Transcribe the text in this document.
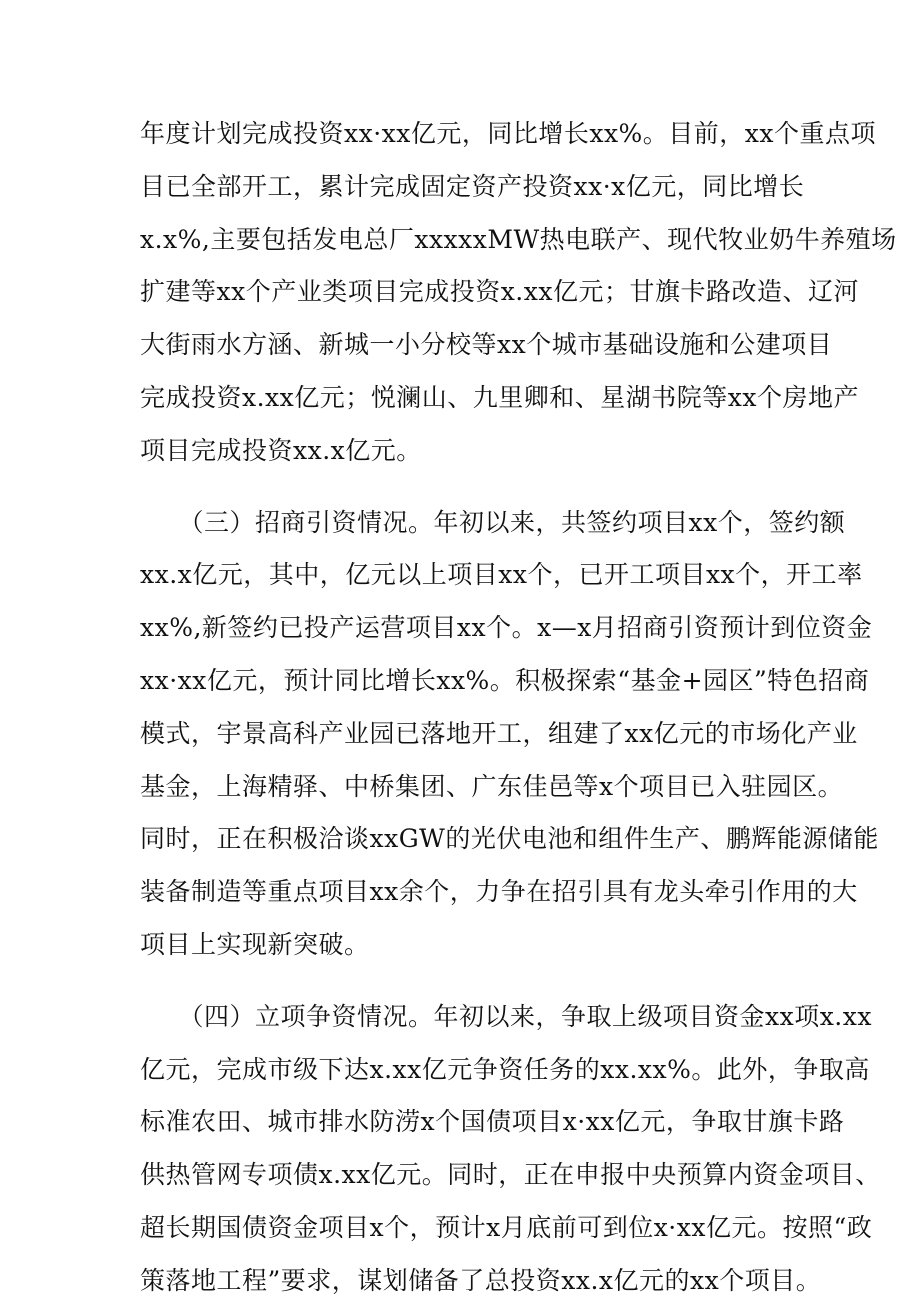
年度计划完成投资xx·xx亿元，同比增长xx%。目前，xx个重点项
目已全部开工，累计完成固定资产投资xx·x亿元，同比增长
x.x%,主要包括发电总厂xxxxxMW热电联产、现代牧业奶牛养殖场
扩建等xx个产业类项目完成投资x.xx亿元；甘旗卡路改造、辽河
大街雨水方涵、新城一小分校等xx个城市基础设施和公建项目
完成投资x.xx亿元；悦澜山、九里卿和、星湖书院等xx个房地产
项目完成投资xx.x亿元。
　　（三）招商引资情况。年初以来，共签约项目xx个，签约额
xx.x亿元，其中，亿元以上项目xx个，已开工项目xx个，开工率
xx%,新签约已投产运营项目xx个。x—x月招商引资预计到位资金
xx·xx亿元，预计同比增长xx%。积极探索“基金+园区”特色招商
模式，宇景高科产业园已落地开工，组建了xx亿元的市场化产业
基金，上海精驿、中桥集团、广东佳邑等x个项目已入驻园区。
同时，正在积极洽谈xxGW的光伏电池和组件生产、鹏辉能源储能
装备制造等重点项目xx余个，力争在招引具有龙头牵引作用的大
项目上实现新突破。
　　（四）立项争资情况。年初以来，争取上级项目资金xx项x.xx
亿元，完成市级下达x.xx亿元争资任务的xx.xx%。此外，争取高
标准农田、城市排水防涝x个国债项目x·xx亿元，争取甘旗卡路
供热管网专项债x.xx亿元。同时，正在申报中央预算内资金项目、
超长期国债资金项目x个，预计x月底前可到位x·xx亿元。按照“政
策落地工程”要求，谋划储备了总投资xx.x亿元的xx个项目。
